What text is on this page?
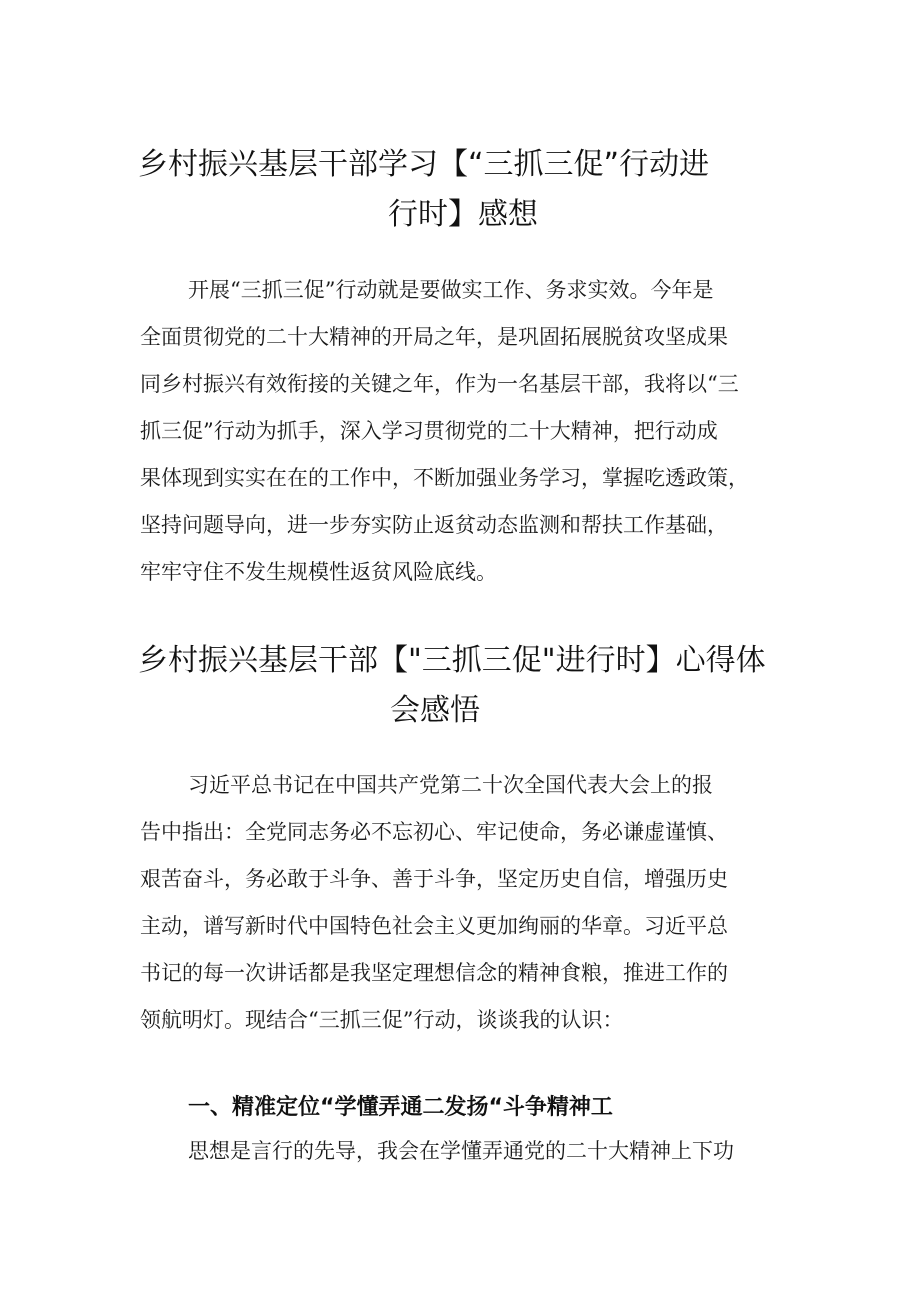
乡村振兴基层干部学习【“三抓三促”行动进
行时】感想
开展“三抓三促”行动就是要做实工作、务求实效。今年是
全面贯彻党的二十大精神的开局之年，是巩固拓展脱贫攻坚成果
同乡村振兴有效衔接的关键之年，作为一名基层干部，我将以“三
抓三促”行动为抓手，深入学习贯彻党的二十大精神，把行动成
果体现到实实在在的工作中，不断加强业务学习，掌握吃透政策，
坚持问题导向，进一步夯实防止返贫动态监测和帮扶工作基础，
牢牢守住不发生规模性返贫风险底线。
乡村振兴基层干部【"三抓三促"进行时】心得体
会感悟
习近平总书记在中国共产党第二十次全国代表大会上的报
告中指出：全党同志务必不忘初心、牢记使命，务必谦虚谨慎、
艰苦奋斗，务必敢于斗争、善于斗争，坚定历史自信，增强历史
主动，谱写新时代中国特色社会主义更加绚丽的华章。习近平总
书记的每一次讲话都是我坚定理想信念的精神食粮，推进工作的
领航明灯。现结合“三抓三促”行动，谈谈我的认识：
一、精准定位“学懂弄通二发扬“斗争精神工
思想是言行的先导，我会在学懂弄通党的二十大精神上下功
